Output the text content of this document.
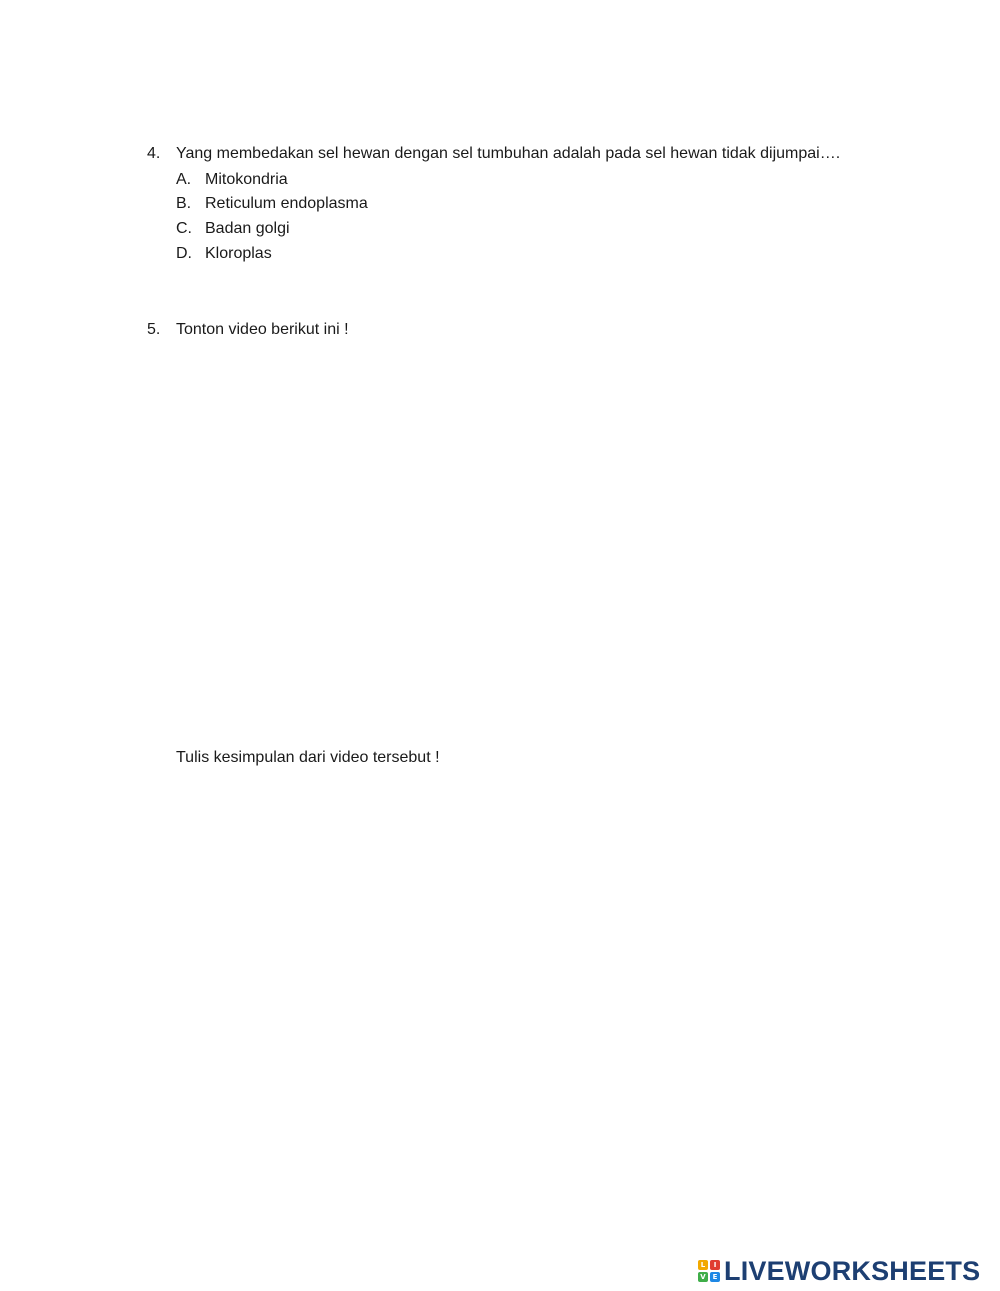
4. Yang membedakan sel hewan dengan sel tumbuhan adalah pada sel hewan tidak dijumpai….
A. Mitokondria
B. Reticulum endoplasma
C. Badan golgi
D. Kloroplas
5. Tonton video berikut ini !
Tulis kesimpulan dari video tersebut !
L	I
V E LIVEWORKSHEETS
